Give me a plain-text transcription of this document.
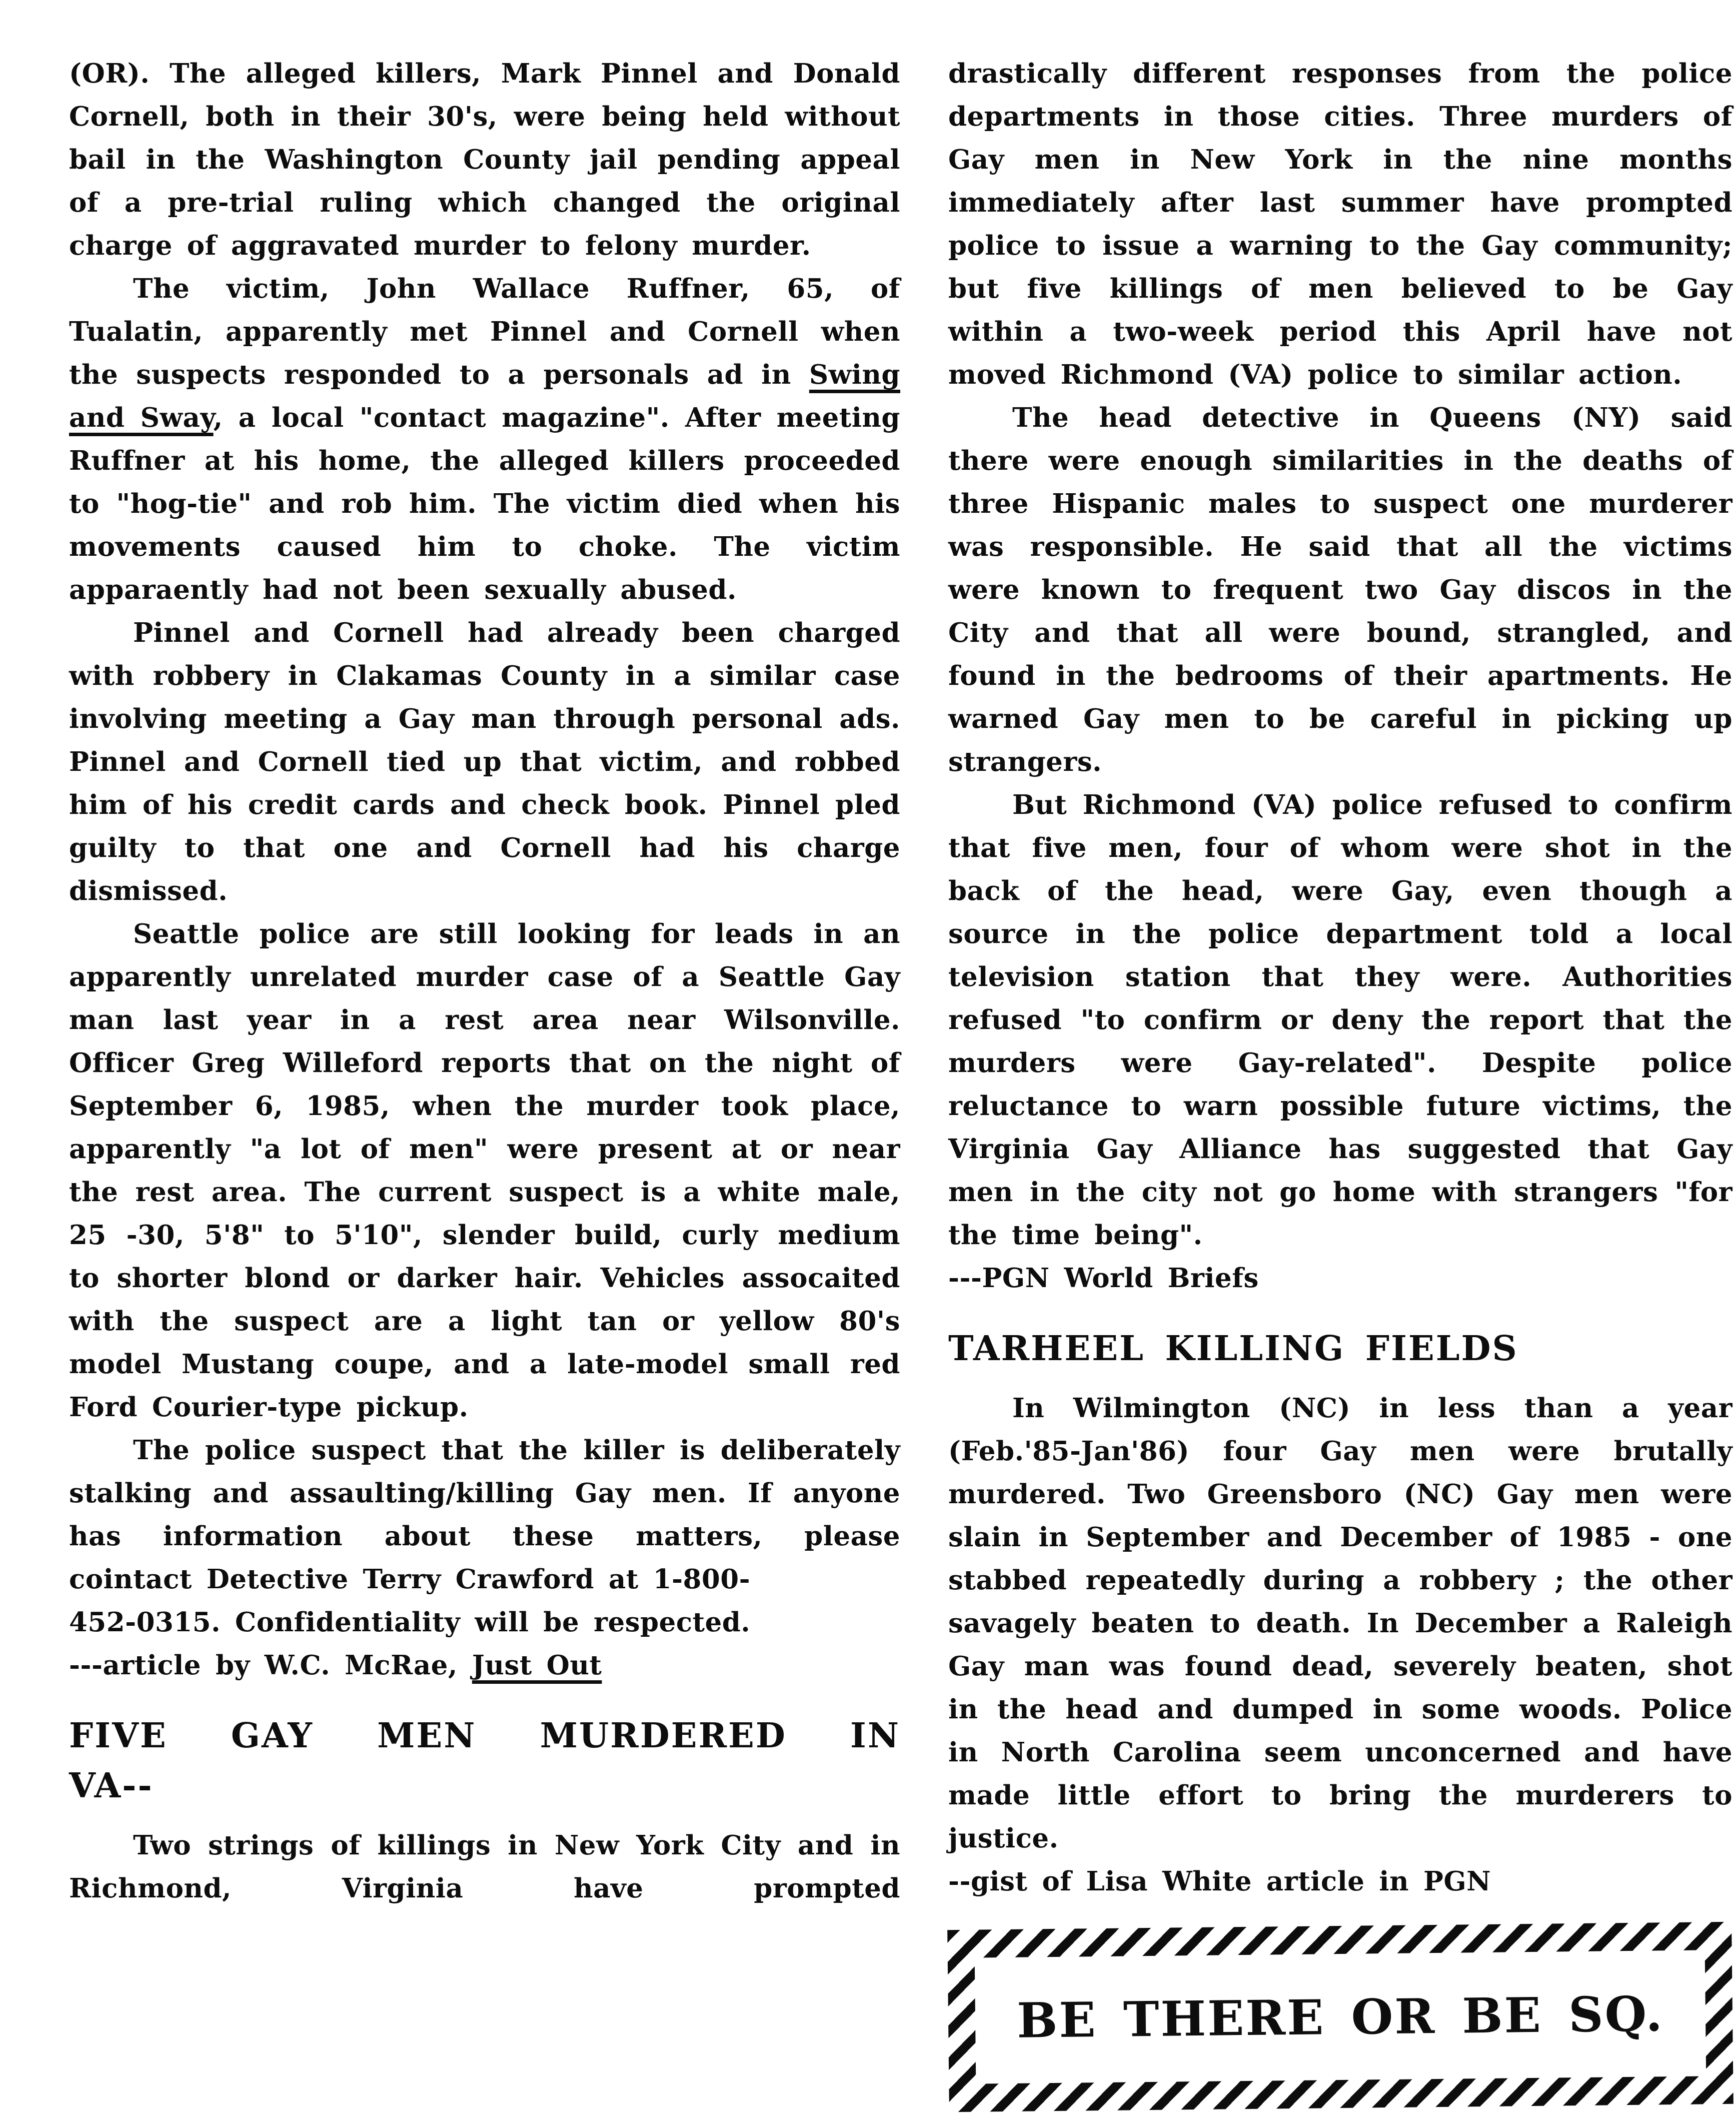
(OR). The alleged killers, Mark Pinnel and Donald Cornell, both in their 30's, were being held without bail in the Washington County jail pending appeal of a pre-trial ruling which changed the original charge of aggravated murder to felony murder.

The victim, John Wallace Ruffner, 65, of Tualatin, apparently met Pinnel and Cornell when the suspects responded to a personals ad in Swing and Sway, a local "contact magazine". After meeting Ruffner at his home, the alleged killers proceeded to "hog-tie" and rob him. The victim died when his movements caused him to choke. The victim apparaently had not been sexually abused.

Pinnel and Cornell had already been charged with robbery in Clakamas County in a similar case involving meeting a Gay man through personal ads. Pinnel and Cornell tied up that victim, and robbed him of his credit cards and check book. Pinnel pled guilty to that one and Cornell had his charge dismissed.

Seattle police are still looking for leads in an apparently unrelated murder case of a Seattle Gay man last year in a rest area near Wilsonville. Officer Greg Willeford reports that on the night of September 6, 1985, when the murder took place, apparently "a lot of men" were present at or near the rest area. The current suspect is a white male, 25 -30, 5'8" to 5'10", slender build, curly medium to shorter blond or darker hair. Vehicles assocaited with the suspect are a light tan or yellow 80's model Mustang coupe, and a late-model small red Ford Courier-type pickup.

The police suspect that the killer is deliberately stalking and assaulting/killing Gay men. If anyone has information about these matters, please cointact Detective Terry Crawford at 1-800-

452-0315. Confidentiality will be respected.

---article by W.C. McRae, Just Out

FIVE GAY MEN MURDERED IN
VA--

Two strings of killings in New York City and in Richmond, Virginia have prompted

drastically different responses from the police departments in those cities. Three murders of Gay men in New York in the nine months immediately after last summer have prompted police to issue a warning to the Gay community; but five killings of men believed to be Gay within a two-week period this April have not moved Richmond (VA) police to similar action.

The head detective in Queens (NY) said there were enough similarities in the deaths of three Hispanic males to suspect one murderer was responsible. He said that all the victims were known to frequent two Gay discos in the City and that all were bound, strangled, and found in the bedrooms of their apartments. He warned Gay men to be careful in picking up strangers.

But Richmond (VA) police refused to confirm that five men, four of whom were shot in the back of the head, were Gay, even though a source in the police department told a local television station that they were. Authorities refused "to confirm or deny the report that the murders were Gay-related". Despite police reluctance to warn possible future victims, the Virginia Gay Alliance has suggested that Gay men in the city not go home with strangers "for the time being".

---PGN World Briefs

TARHEEL KILLING FIELDS

In Wilmington (NC) in less than a year (Feb.'85-Jan'86) four Gay men were brutally murdered. Two Greensboro (NC) Gay men were slain in September and December of 1985 - one stabbed repeatedly during a robbery ; the other savagely beaten to death. In December a Raleigh Gay man was found dead, severely beaten, shot in the head and dumped in some woods. Police in North Carolina seem unconcerned and have made little effort to bring the murderers to justice.

--gist of Lisa White article in PGN

BE THERE OR BE SQ.
